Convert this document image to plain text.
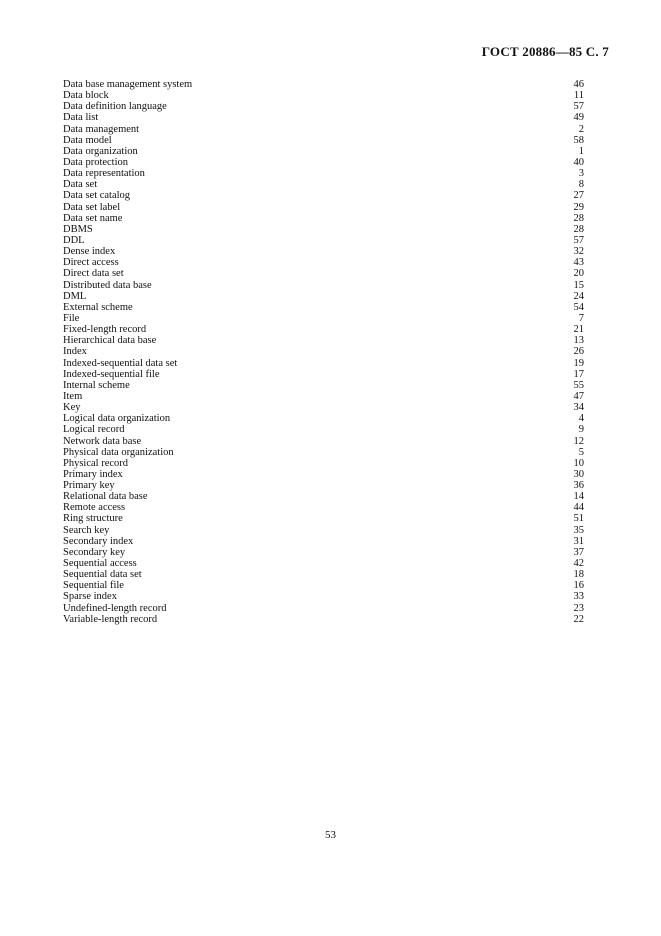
ГОСТ 20886—85 С. 7
Data base management system	46
Data block	11
Data definition language	57
Data list	49
Data management	2
Data model	58
Data organization	1
Data protection	40
Data representation	3
Data set	8
Data set catalog	27
Data set label	29
Data set name	28
DBMS	28
DDL	57
Dense index	32
Direct access	43
Direct data set	20
Distributed data base	15
DML	24
External scheme	54
File	7
Fixed-length record	21
Hierarchical data base	13
Index	26
Indexed-sequential data set	19
Indexed-sequential file	17
Internal scheme	55
Item	47
Key	34
Logical data organization	4
Logical record	9
Network data base	12
Physical data organization	5
Physical record	10
Primary index	30
Primary key	36
Relational data base	14
Remote access	44
Ring structure	51
Search key	35
Secondary index	31
Secondary key	37
Sequential access	42
Sequential data set	18
Sequential file	16
Sparse index	33
Undefined-length record	23
Variable-length record	22
53
